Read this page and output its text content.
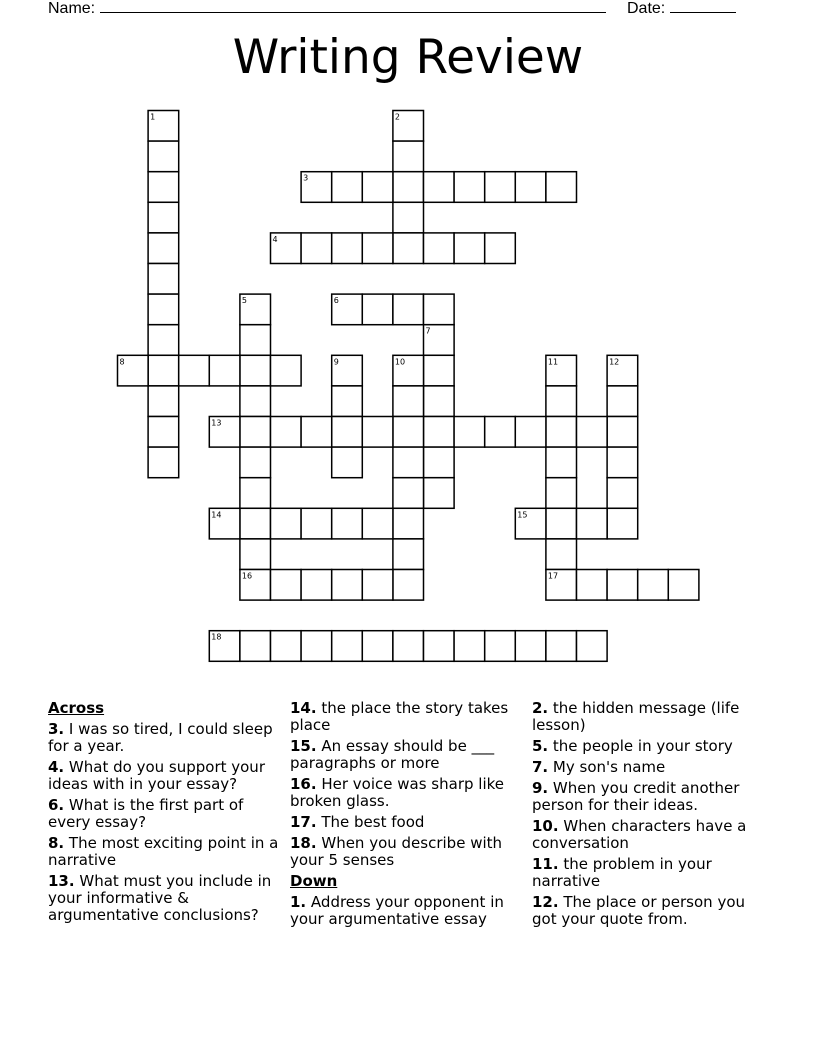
Name:	Date:
Writing Review
1	2
3
4
5
16
6
7
8	9	10	11
17
12
13
14	15
18
Across
3. I was so tired, I could sleep for a year.
4. What do you support your ideas with in your essay?
6. What is the first part of every essay?
8. The most exciting point in a narrative
13. What must you include in your informative & argumentative conclusions?
14. the place the story takes place
15. An essay should be ___ paragraphs or more
16. Her voice was sharp like broken glass.
17. The best food
18. When you describe with your 5 senses
Down
1. Address your opponent in your argumentative essay
2. the hidden message (life lesson)
5. the people in your story
7. My son's name
9. When you credit another person for their ideas.
10. When characters have a conversation
11. the problem in your narrative
12. The place or person you got your quote from.
